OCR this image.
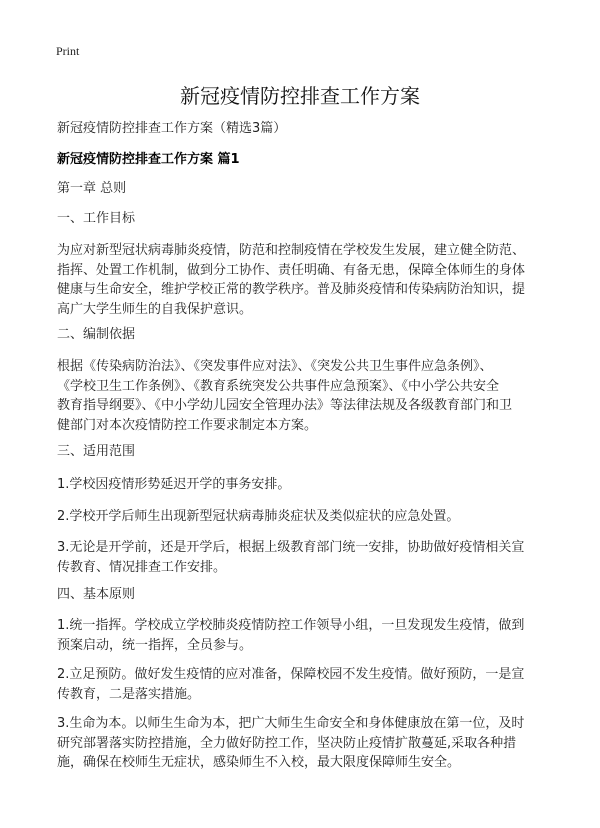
Print
新冠疫情防控排查工作方案
新冠疫情防控排查工作方案（精选3篇）
新冠疫情防控排查工作方案 篇1
第一章 总则
一、工作目标
为应对新型冠状病毒肺炎疫情，防范和控制疫情在学校发生发展，建立健全防范、
指挥、处置工作机制，做到分工协作、责任明确、有备无患，保障全体师生的身体
健康与生命安全，维护学校正常的教学秩序。普及肺炎疫情和传染病防治知识，提
高广大学生师生的自我保护意识。
二、编制依据
根据《传染病防治法》、《突发事件应对法》、《突发公共卫生事件应急条例》、
《学校卫生工作条例》、《教育系统突发公共事件应急预案》、《中小学公共安全
教育指导纲要》、《中小学幼儿园安全管理办法》等法律法规及各级教育部门和卫
健部门对本次疫情防控工作要求制定本方案。
三、适用范围
1.学校因疫情形势延迟开学的事务安排。
2.学校开学后师生出现新型冠状病毒肺炎症状及类似症状的应急处置。
3.无论是开学前，还是开学后，根据上级教育部门统一安排，协助做好疫情相关宣
传教育、情况排查工作安排。
四、基本原则
1.统一指挥。学校成立学校肺炎疫情防控工作领导小组，一旦发现发生疫情，做到
预案启动，统一指挥，全员参与。
2.立足预防。做好发生疫情的应对准备，保障校园不发生疫情。做好预防，一是宣
传教育，二是落实措施。
3.生命为本。以师生生命为本，把广大师生生命安全和身体健康放在第一位，及时
研究部署落实防控措施，全力做好防控工作，坚决防止疫情扩散蔓延,采取各种措
施，确保在校师生无症状，感染师生不入校，最大限度保障师生安全。
